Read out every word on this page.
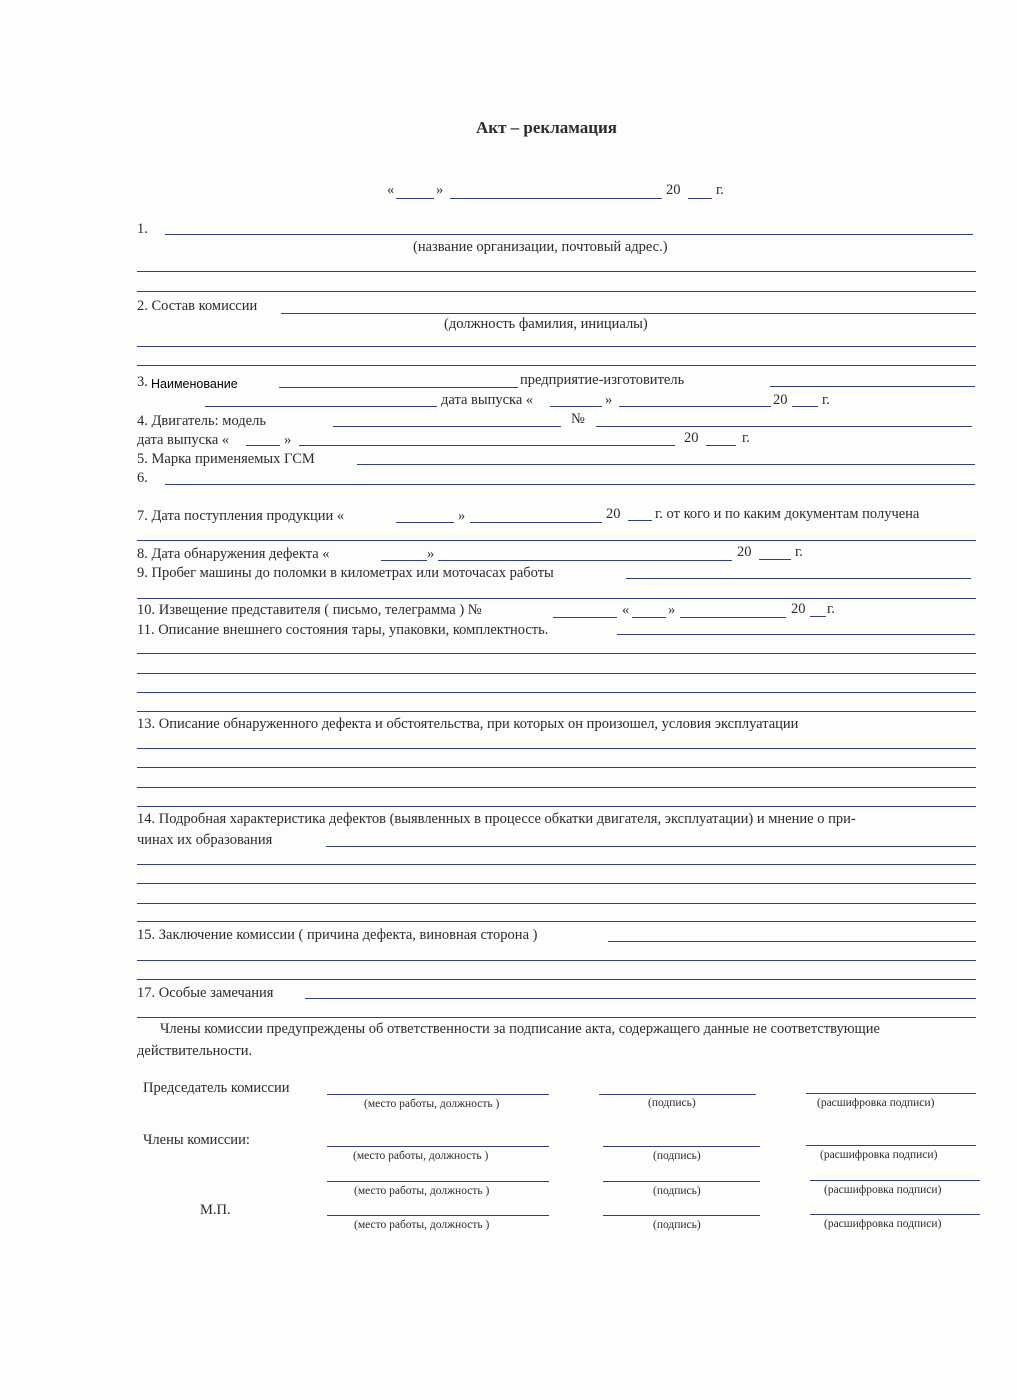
Акт – рекламация
«	»	20 г.
1.
(название организации, почтовый адрес.)
2. Состав комиссии
(должность фамилия, инициалы)
3. Наименование	предприятие-изготовитель
дата выпуска «	»	20 г.
4. Двигатель: модель	№
дата выпуска «	»	20	г.
5. Марка применяемых ГСМ
6.
7. Дата поступления продукции «	»	20 г. от кого и по каким документам получена
8. Дата обнаружения дефекта «	»	20	г.
9. Пробег машины до поломки в километрах или моточасах работы
10. Извещение представителя ( письмо, телеграмма ) №	«	»	20 г.
11. Описание внешнего состояния тары, упаковки, комплектность.
13. Описание обнаруженного дефекта и обстоятельства, при которых он произошел, условия эксплуатации
14. Подробная характеристика дефектов (выявленных в процессе обкатки двигателя, эксплуатации) и мнение о при-
чинах их образования
15. Заключение комиссии ( причина дефекта, виновная сторона )
17. Особые замечания
Члены комиссии предупреждены об ответственности за подписание акта, содержащего данные не соответствующие
действительности.
Председатель комиссии
(место работы, должность )	(подпись)	(расшифровка подписи)
Члены комиссии:
(место работы, должность )	(подпись)	(расшифровка подписи)
(место работы, должность )	(подпись)	(расшифровка подписи)
М.П.
(место работы, должность )	(подпись)	(расшифровка подписи)
